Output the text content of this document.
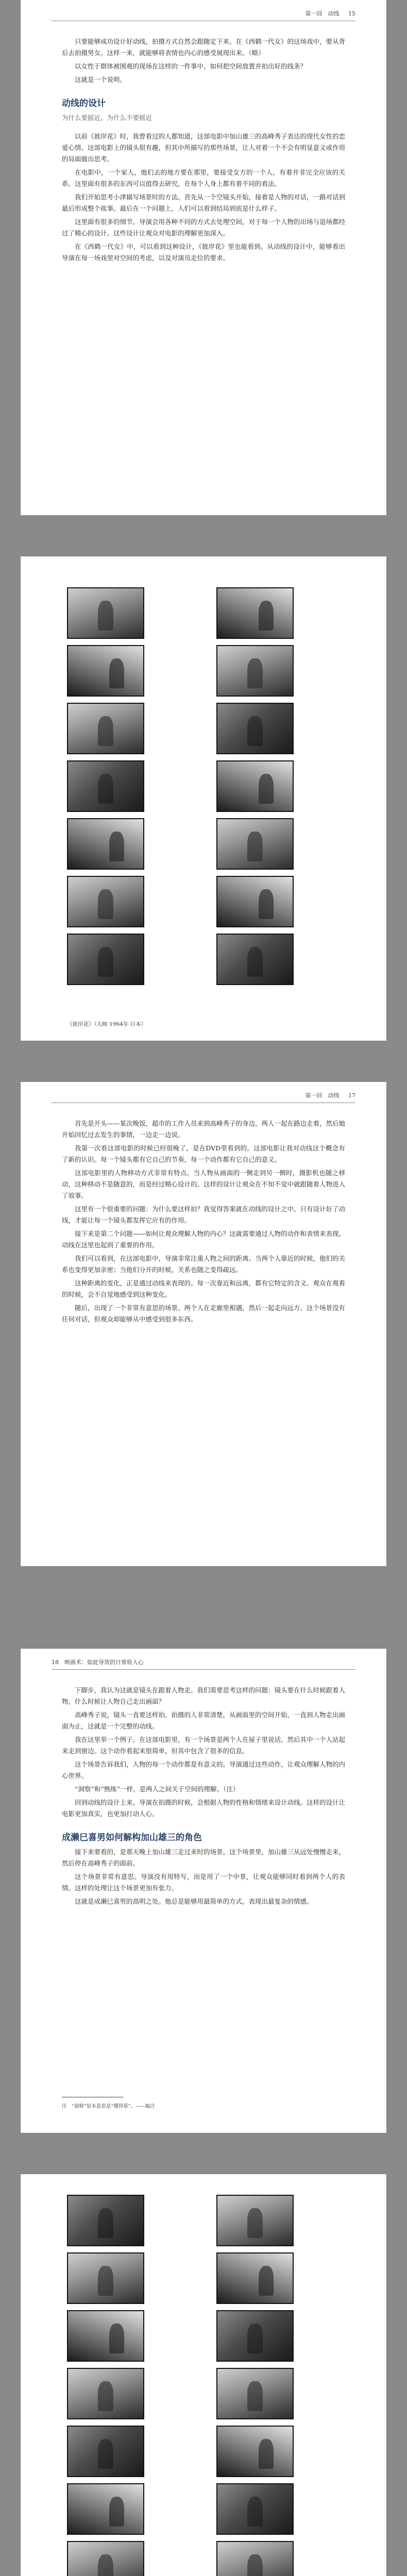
第一回　动线 15

只要能够成功设计好动线，拍摄方式自然会跟随定下来。在《西鹤一代女》的这场戏中，要从背后去拍摄男女。这样一来，就能够将表情也内心的感受展现出来。（略）

以女性于群体被围观的现场在这样的一件事中，如何把空间放置并拍出好的线条？

这就是一个说明。

动线的设计
为什么要摇近，为什么不要摇近

以前《彼岸花》时，我曾看过的人都知道，这部电影中加山雄三的高峰秀子表达的现代女性的恋爱心情。这部电影上的镜头很有趣，但其中所描写的那些场景，让人对着一个不会有明显意义或作用的局面做出思考。

在电影中，一个家人，他们去的地方要在那里，要接受女方的一个人，有着并非完全应该的关系。这里面有很多的东西可以值得去研究，在每个人身上都有着不同的看法。

我们开始思考小津描写场景时的方法。首先从一个空镜头开始，接着是人物的对话，一路对话到最后形成整个故事。最后在一个问题上，人们可以看到结局到底是什么样子。

这里面有很多的细节。导演会用各种不同的方式去处理空间，对于每一个人物的出场与退场都经过了精心的设计。这些设计让观众对电影的理解更加深入。

在《西鹤一代女》中，可以看到这种设计，《彼岸花》里也能看到。从动线的设计中，能够看出导演在每一场戏里对空间的考虑，以及对演员走位的要求。

《彼岸花》（大映 1964年 日本）
第一回　动线 17

首先是开头——某次晚饭，超市的工作人员来到高峰秀子的身边，两人一起在路边走着，然后她开始回忆过去发生的事情，一边走一边说。

我第一次看这部电影的时候已经很晚了，是在DVD里看到的。这部电影让我对动线这个概念有了新的认识。每一个镜头都有它自己的节奏，每一个动作都有它自己的意义。

这部电影里的人物移动方式非常有特点。当人物从画面的一侧走到另一侧时，摄影机也随之移动，这种移动不是随意的，而是经过精心设计的。这样的设计让观众在不知不觉中就跟随着人物进入了故事。

这里有一个很重要的问题：为什么要这样拍？我觉得答案就在动线的设计之中。只有设计好了动线，才能让每一个镜头都发挥它应有的作用。

接下来是第二个问题——如何让观众理解人物的内心？这就需要通过人物的动作和表情来表现。动线在这里也起到了重要的作用。

我们可以看到，在这部电影中，导演非常注重人物之间的距离。当两个人靠近的时候，他们的关系也变得更加亲密；当他们分开的时候，关系也随之变得疏远。

这种距离的变化，正是通过动线来表现的。每一次靠近和远离，都有它特定的含义。观众在观看的时候，会不自觉地感受到这种变化。

随后，出现了一个非常有意思的场景。两个人在走廊里相遇，然后一起走向远方。这个场景没有任何对话，但观众却能够从中感受到很多东西。

18　映画术：如此导效的日常收入心

下脚步，我认为这就是镜头在跟着人物走。我们需要思考这样的问题：镜头要在什么时候跟着人物，什么时候让人物自己走出画面？

高峰秀子说，镜头一直要这样拍。拍摄的人非常清楚，从画面里的空间开始，一直到人物走出画面为止，这就是一个完整的动线。

我在这里举一个例子。在这部电影里，有一个场景是两个人在屋子里说话，然后其中一个人站起来走到窗边。这个动作看起来很简单，但其中包含了很多的信息。

这个场景告诉我们，人物的每一个动作都是有意义的。导演通过这些动作，让观众理解人物的内心世界。

“洞察”和“熟练”一样，是两人之间关于空间的理解。（注）

回到动线的设计上来。导演在拍摄的时候，会根据人物的性格和情绪来设计动线。这样的设计让电影更加真实，也更加打动人心。

成濑巳喜男如何解构加山雄三的角色

接下来要看的，是那天晚上加山雄三走过来时的场景。这个场景里，加山雄三从远处慢慢走来，然后停在高峰秀子的面前。

这个场景非常有意思。导演没有用特写，而是用了一个中景，让观众能够同时看到两个人的表情。这样的处理让这个场景更加有张力。

这就是成濑巳喜男的高明之处。他总是能够用最简单的方式，表现出最复杂的情感。

注　“洞察”原本意思是“懂得看”。——编注
